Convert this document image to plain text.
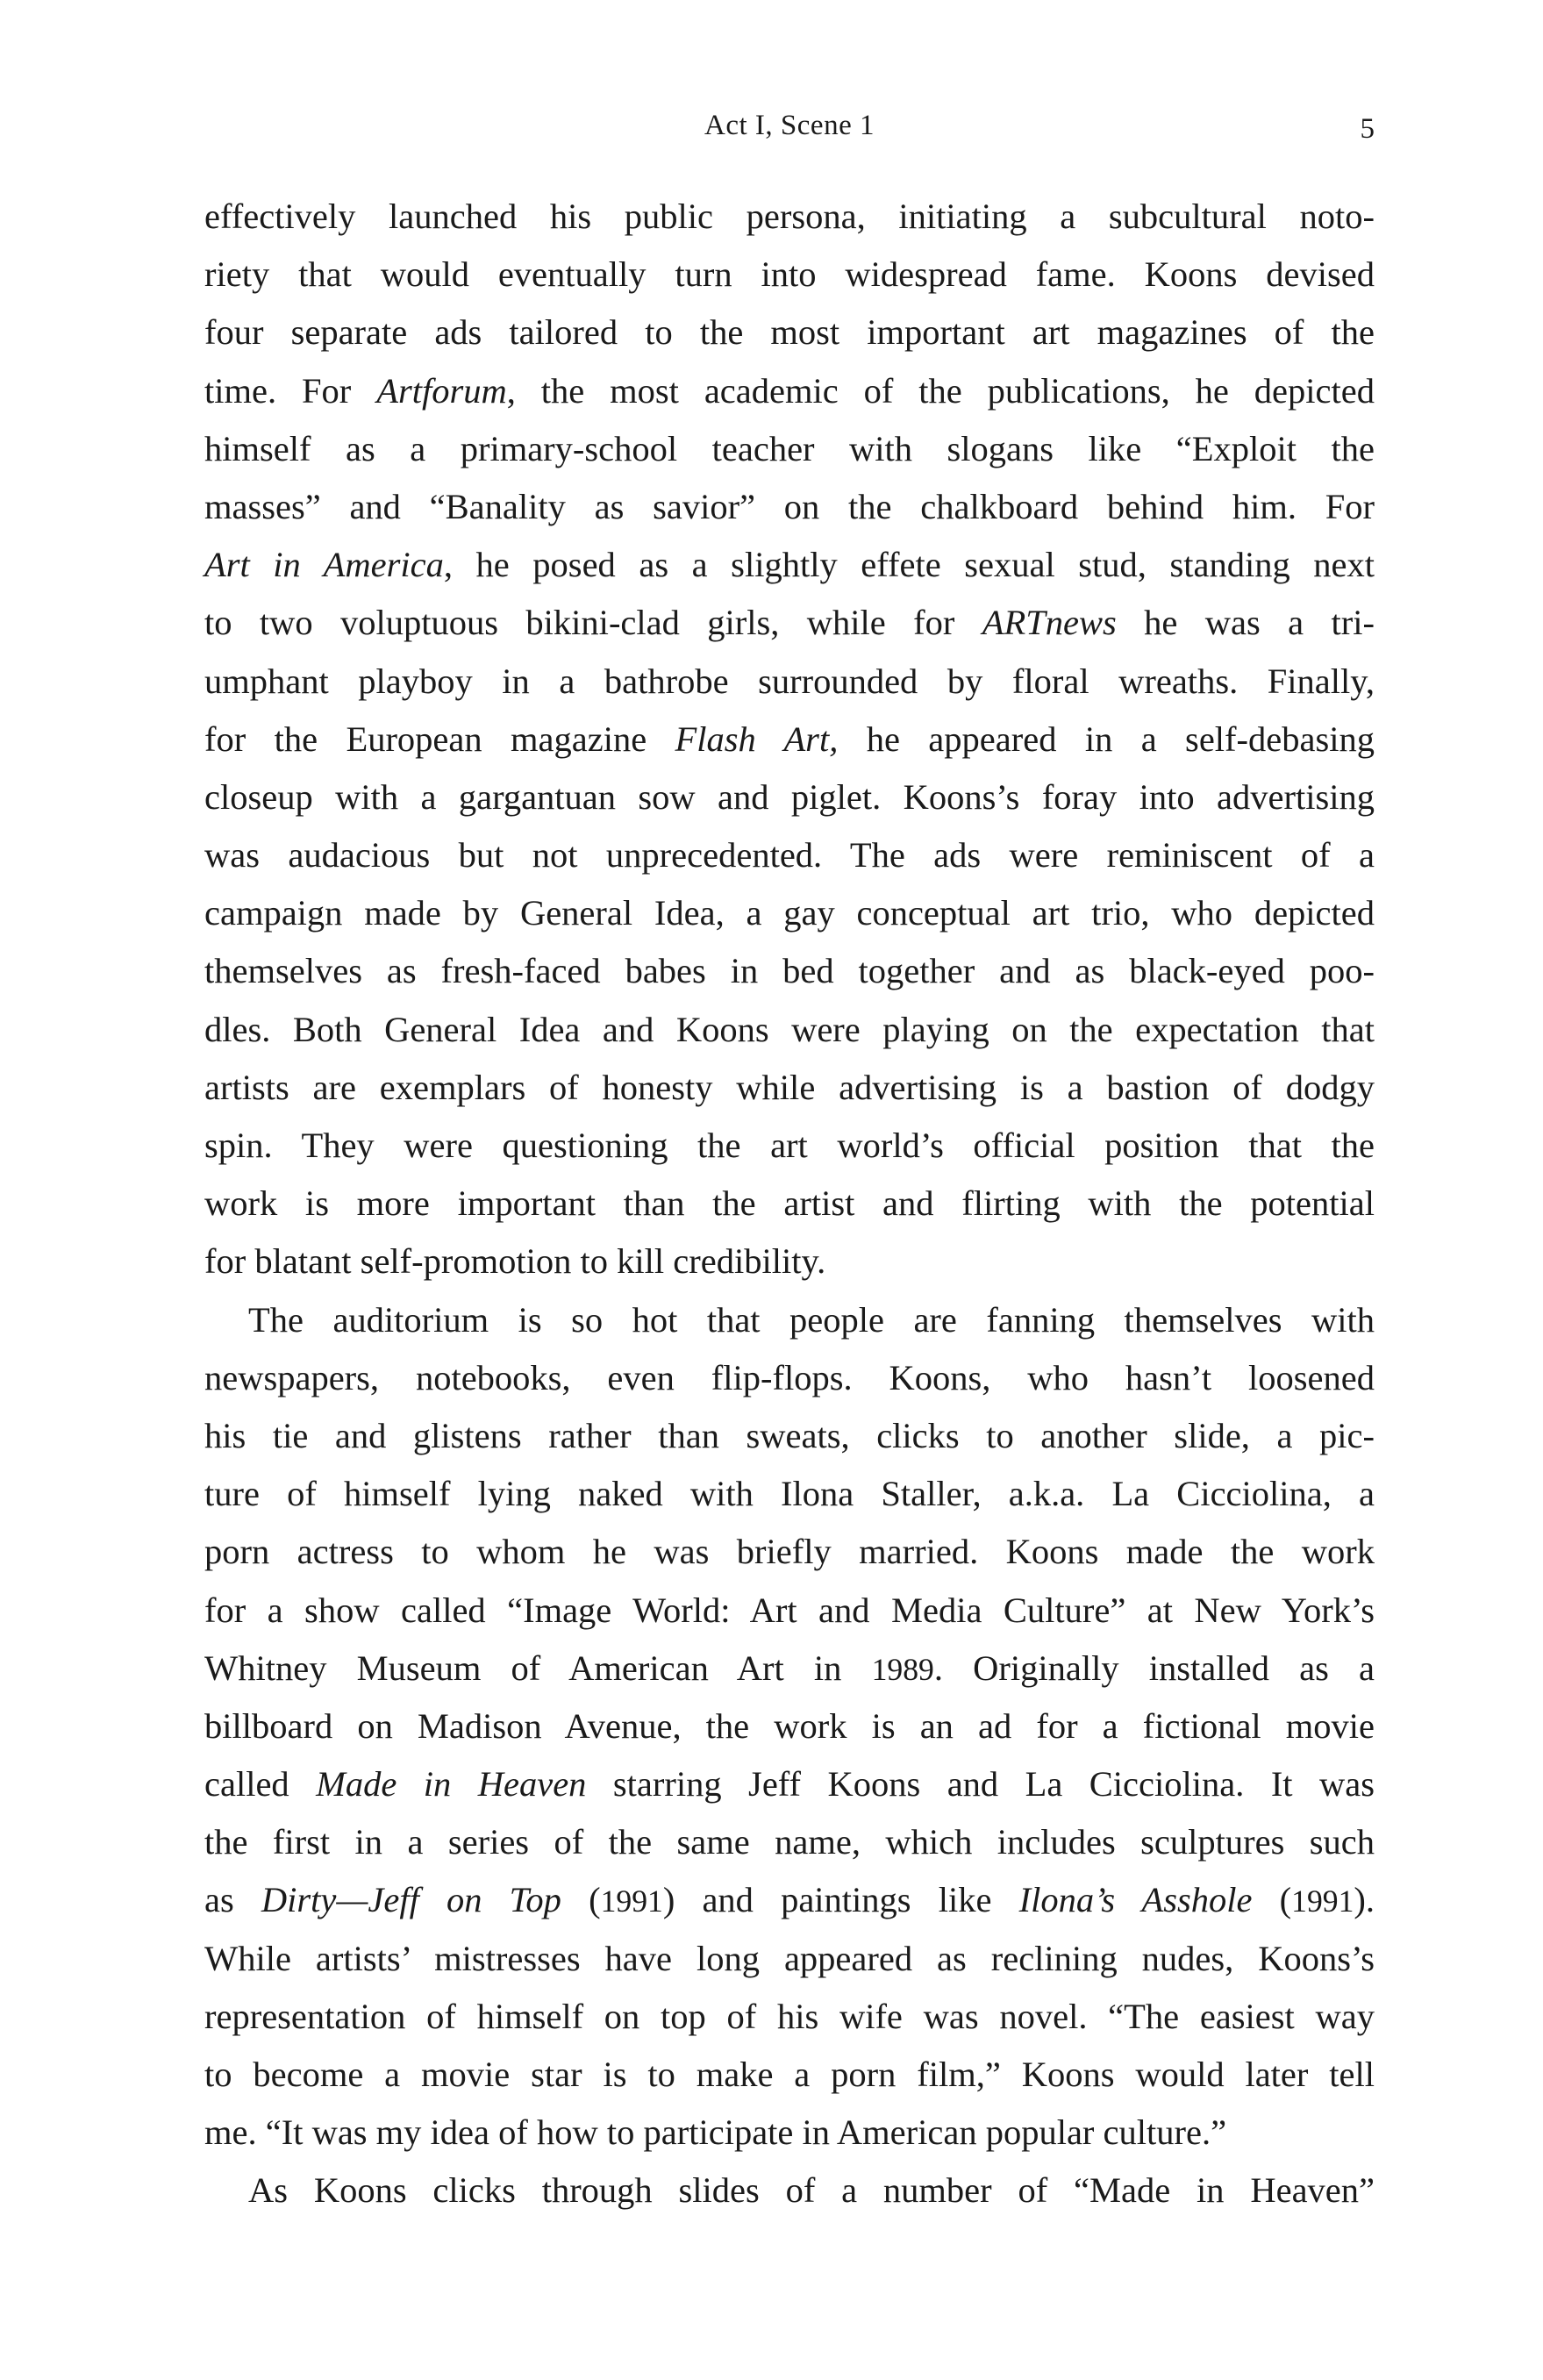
Act I, Scene 1	5
effectively launched his public persona, initiating a subcultural noto-
riety that would eventually turn into widespread fame. Koons devised
four separate ads tailored to the most important art magazines of the
time. For Artforum, the most academic of the publications, he depicted
himself as a primary-school teacher with slogans like “Exploit the
masses” and “Banality as savior” on the chalkboard behind him. For
Art in America, he posed as a slightly effete sexual stud, standing next
to two voluptuous bikini-clad girls, while for ARTnews he was a tri-
umphant playboy in a bathrobe surrounded by floral wreaths. Finally,
for the European magazine Flash Art, he appeared in a self-debasing
closeup with a gargantuan sow and piglet. Koons’s foray into advertising
was audacious but not unprecedented. The ads were reminiscent of a
campaign made by General Idea, a gay conceptual art trio, who depicted
themselves as fresh-faced babes in bed together and as black-eyed poo-
dles. Both General Idea and Koons were playing on the expectation that
artists are exemplars of honesty while advertising is a bastion of dodgy
spin. They were questioning the art world’s official position that the
work is more important than the artist and flirting with the potential
for blatant self-promotion to kill credibility.
The auditorium is so hot that people are fanning themselves with
newspapers, notebooks, even flip-flops. Koons, who hasn’t loosened
his tie and glistens rather than sweats, clicks to another slide, a pic-
ture of himself lying naked with Ilona Staller, a.k.a. La Cicciolina, a
porn actress to whom he was briefly married. Koons made the work
for a show called “Image World: Art and Media Culture” at New York’s
Whitney Museum of American Art in 1989. Originally installed as a
billboard on Madison Avenue, the work is an ad for a fictional movie
called Made in Heaven starring Jeff Koons and La Cicciolina. It was
the first in a series of the same name, which includes sculptures such
as Dirty—Jeff on Top (1991) and paintings like Ilona’s Asshole (1991).
While artists’ mistresses have long appeared as reclining nudes, Koons’s
representation of himself on top of his wife was novel. “The easiest way
to become a movie star is to make a porn film,” Koons would later tell
me. “It was my idea of how to participate in American popular culture.”
As Koons clicks through slides of a number of “Made in Heaven”
